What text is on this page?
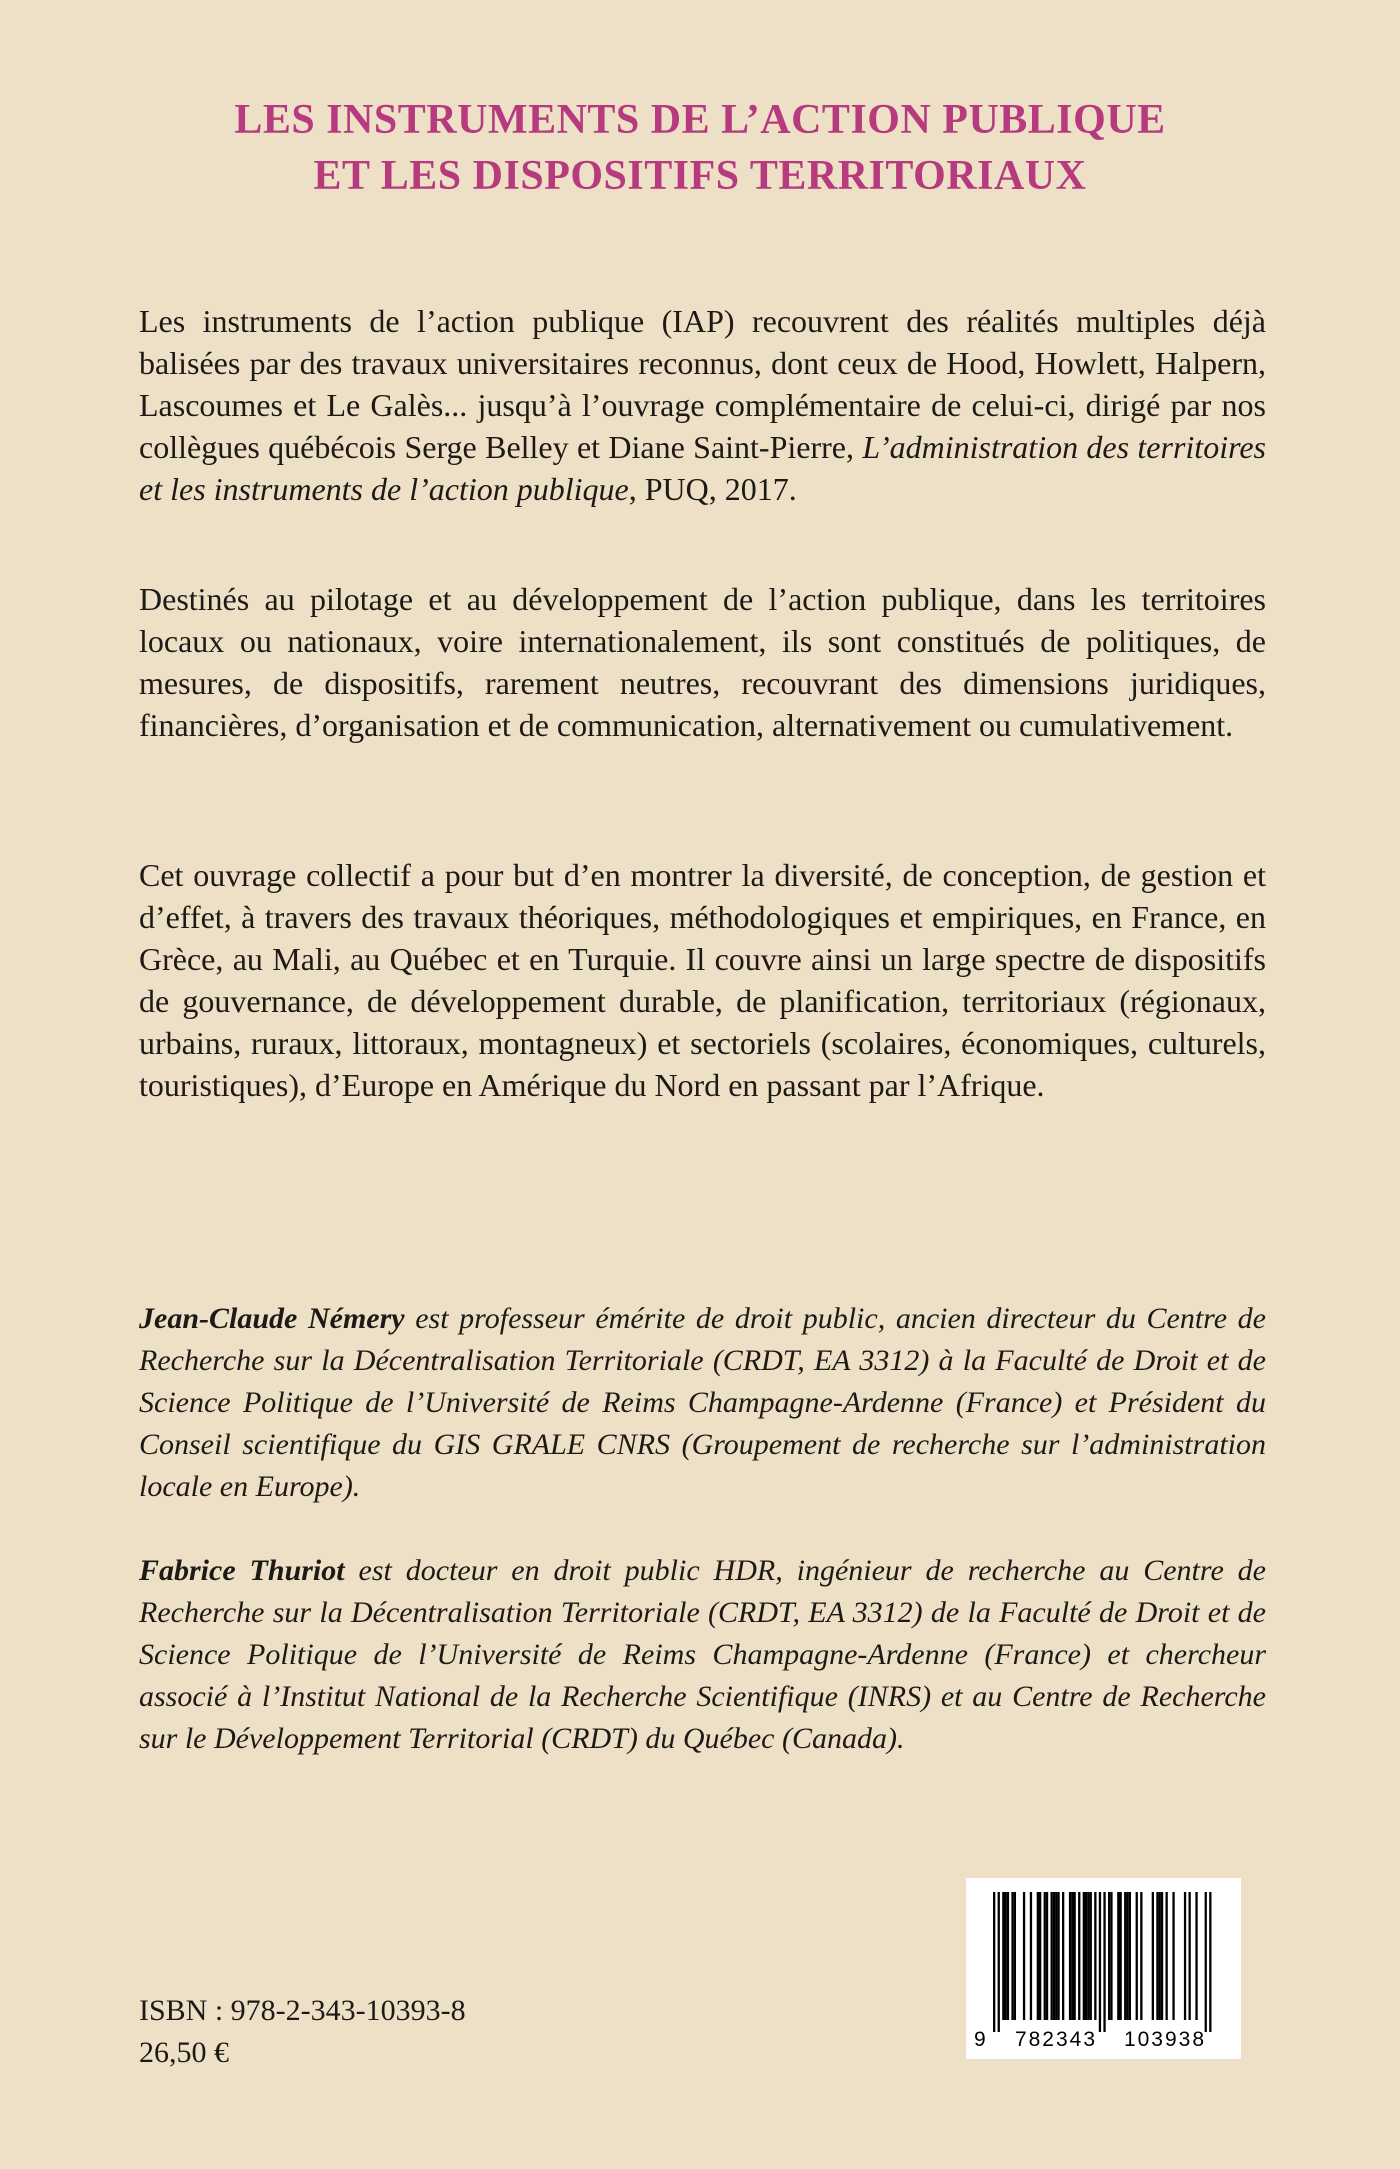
LES INSTRUMENTS DE L’ACTION PUBLIQUE
ET LES DISPOSITIFS TERRITORIAUX

Les instruments de l’action publique (IAP) recouvrent des réalités multiples déjà balisées par des travaux universitaires reconnus, dont ceux de Hood, Howlett, Halpern, Lascoumes et Le Galès... jusqu’à l’ouvrage complémentaire de celui-ci, dirigé par nos collègues québécois Serge Belley et Diane Saint-Pierre, L’administration des territoires et les instruments de l’action publique, PUQ, 2017.

Destinés au pilotage et au développement de l’action publique, dans les territoires locaux ou nationaux, voire internationalement, ils sont constitués de politiques, de mesures, de dispositifs, rarement neutres, recouvrant des dimensions juridiques, financières, d’organisation et de communication, alternativement ou cumulativement.

Cet ouvrage collectif a pour but d’en montrer la diversité, de conception, de gestion et d’effet, à travers des travaux théoriques, méthodologiques et empiriques, en France, en Grèce, au Mali, au Québec et en Turquie. Il couvre ainsi un large spectre de dispositifs de gouvernance, de développement durable, de planification, territoriaux (régionaux, urbains, ruraux, littoraux, montagneux) et sectoriels (scolaires, économiques, culturels, touristiques), d’Europe en Amérique du Nord en passant par l’Afrique.

Jean-Claude Némery est professeur émérite de droit public, ancien directeur du Centre de Recherche sur la Décentralisation Territoriale (CRDT, EA 3312) à la Faculté de Droit et de Science Politique de l’Université de Reims Champagne-Ardenne (France) et Président du Conseil scientifique du GIS GRALE CNRS (Groupement de recherche sur l’administration locale en Europe).

Fabrice Thuriot est docteur en droit public HDR, ingénieur de recherche au Centre de Recherche sur la Décentralisation Territoriale (CRDT, EA 3312) de la Faculté de Droit et de Science Politique de l’Université de Reims Champagne-Ardenne (France) et chercheur associé à l’Institut National de la Recherche Scientifique (INRS) et au Centre de Recherche sur le Développement Territorial (CRDT) du Québec (Canada).

ISBN : 978-2-343-10393-8
26,50 €	9 782343 103938
